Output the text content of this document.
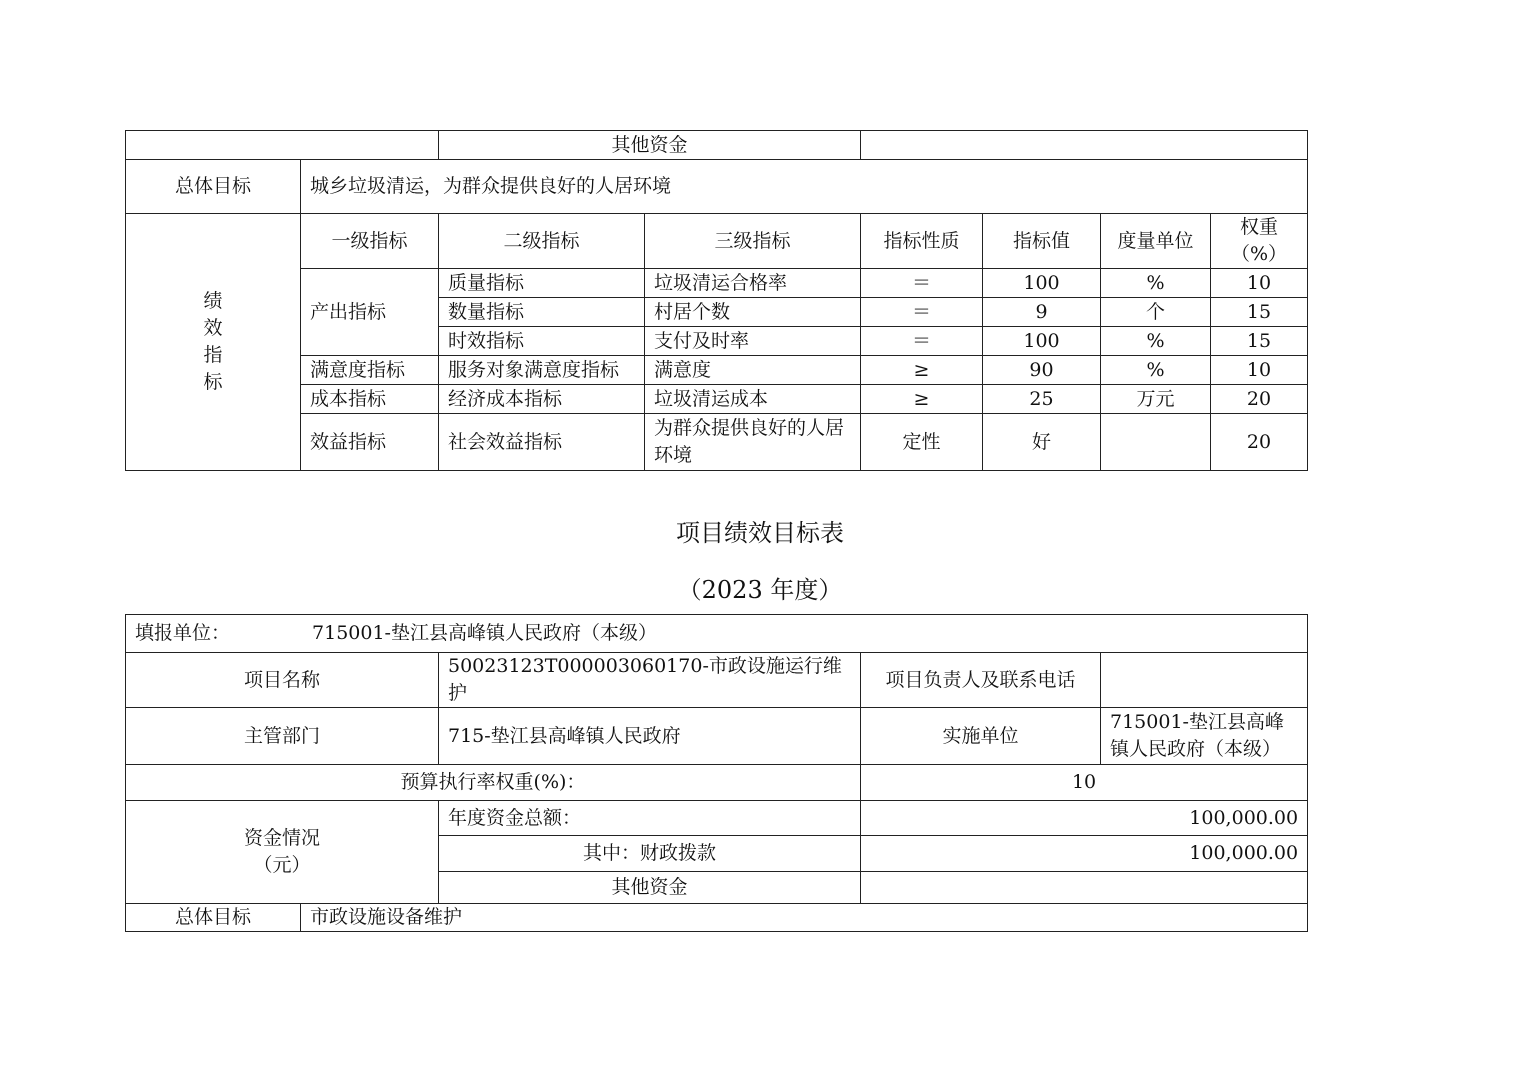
		其他资金					
总体目标	城乡垃圾清运，为群众提供良好的人居环境						

绩
效
指
标	一级指标	二级指标	三级指标	指标性质	指标值	度量单位	权重（%）
	产出指标	质量指标	垃圾清运合格率	＝	100	%	10
		数量指标	村居个数	＝	9	个	15
		时效指标	支付及时率	＝	100	%	15
	满意度指标	服务对象满意度指标	满意度	≥	90	%	10
	成本指标	经济成本指标	垃圾清运成本	≥	25	万元	20
	效益指标	社会效益指标	为群众提供良好的人居环境	定性	好		20
项目绩效目标表
（2023 年度）
填报单位： 715001-垫江县高峰镇人民政府（本级）				
项目名称		50023123T000003060170-市政设施运行维护	项目负责人及联系电话	
主管部门		715-垫江县高峰镇人民政府	实施单位	715001-垫江县高峰镇人民政府（本级）
预算执行率权重(%)：			10	

资金情况
（元）		年度资金总额：	100,000.00	
		其中：财政拨款	100,000.00	
		其他资金		
总体目标	市政设施设备维护			
